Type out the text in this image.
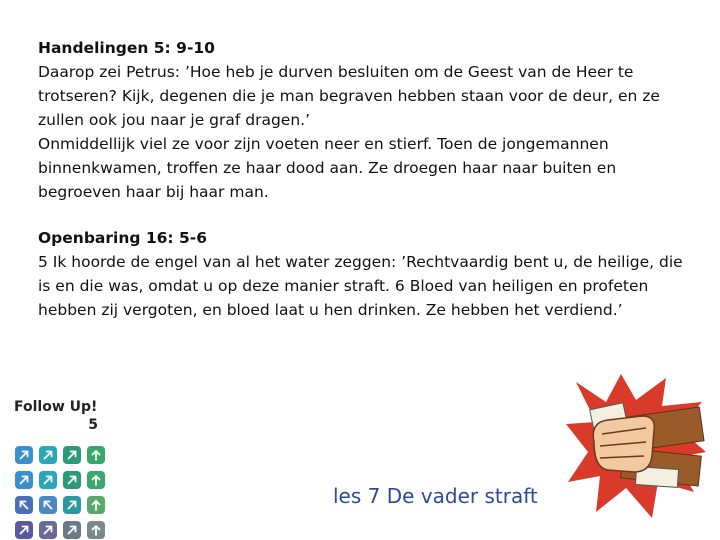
Handelingen 5: 9-10

Daarop zei Petrus: ’Hoe heb je durven besluiten om de Geest van de Heer te trotseren? Kijk, degenen die je man begraven hebben staan voor de deur, en ze zullen ook jou naar je graf dragen.’

Onmiddellijk viel ze voor zijn voeten neer en stierf. Toen de jongemannen binnenkwamen, troffen ze haar dood aan. Ze droegen haar naar buiten en begroeven haar bij haar man.

Openbaring 16: 5-6

5 Ik hoorde de engel van al het water zeggen: ’Rechtvaardig bent u, de heilige, die is en die was, omdat u op deze manier straft. 6 Bloed van heiligen en profeten hebben zij vergoten, en bloed laat u hen drinken. Ze hebben het verdiend.’

Follow Up!
5
les 7 De vader straft
